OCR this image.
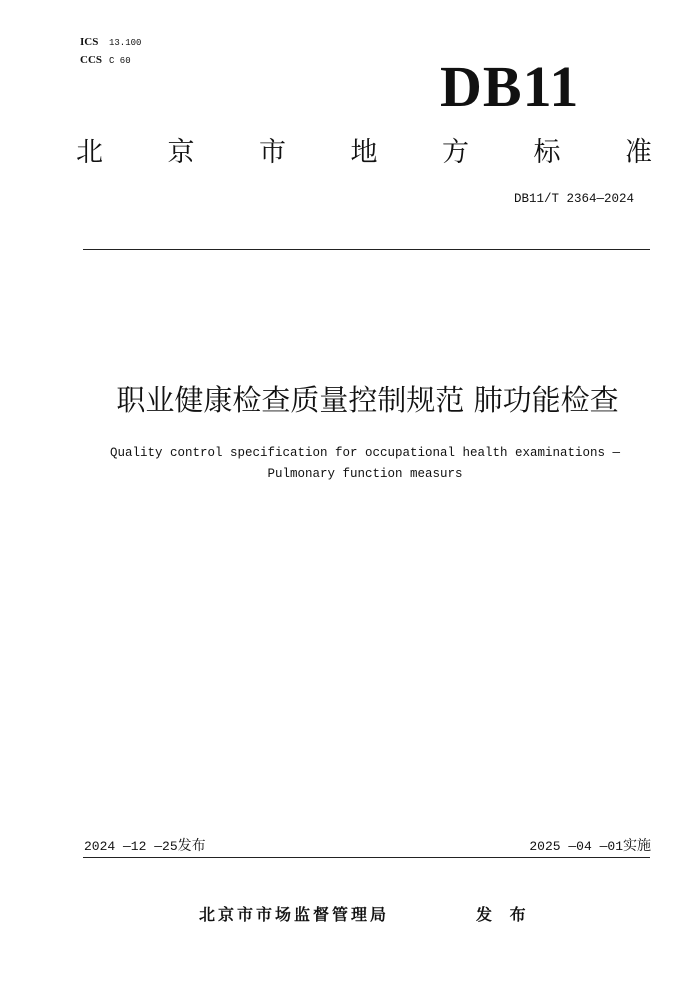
ICS 13.100
CCS C 60	DB11
北 京 市 地 方 标 准
DB11/T 2364—2024
职业健康检查质量控制规范 肺功能检查
Quality control specification for occupational health examinations —
Pulmonary function measurs
2024 —12 —25发布	2025 —04 —01实施
北京市市场监督管理局	发 布
